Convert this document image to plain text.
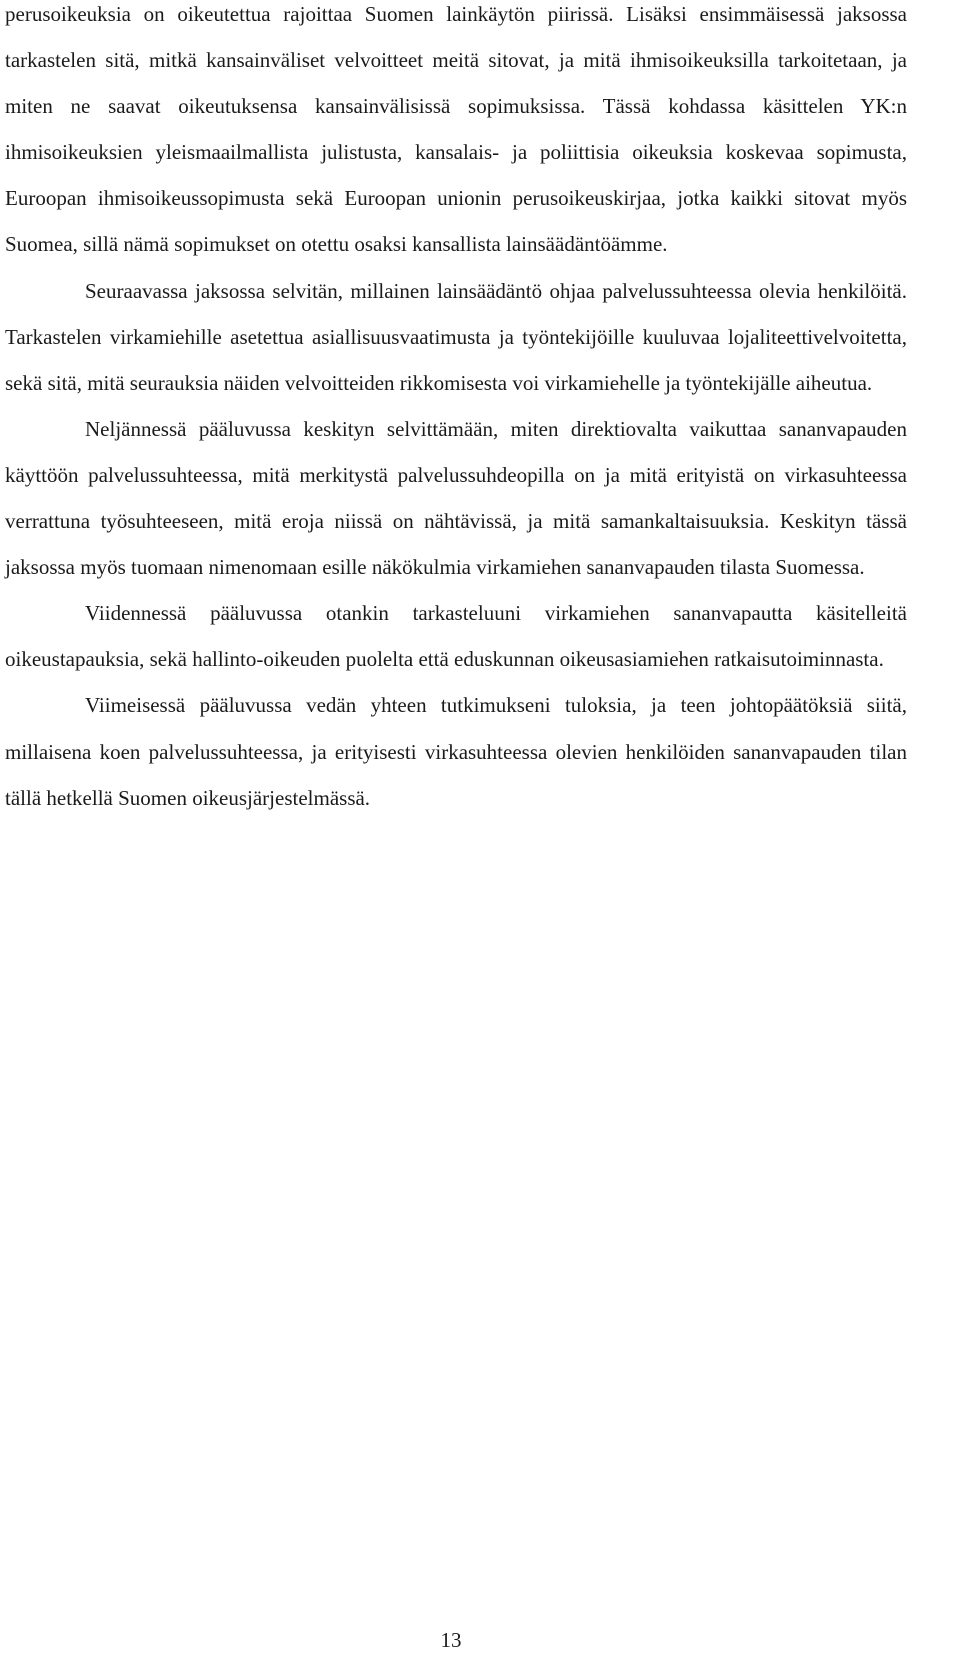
perusoikeuksia on oikeutettua rajoittaa Suomen lainkäytön piirissä. Lisäksi ensimmäisessä jaksossa tarkastelen sitä, mitkä kansainväliset velvoitteet meitä sitovat, ja mitä ihmisoikeuksilla tarkoitetaan, ja miten ne saavat oikeutuksensa kansainvälisissä sopimuksissa. Tässä kohdassa käsittelen YK:n ihmisoikeuksien yleismaailmallista julistusta, kansalais- ja poliittisia oikeuksia koskevaa sopimusta, Euroopan ihmisoikeussopimusta sekä Euroopan unionin perusoikeuskirjaa, jotka kaikki sitovat myös Suomea, sillä nämä sopimukset on otettu osaksi kansallista lainsäädäntöämme.

Seuraavassa jaksossa selvitän, millainen lainsäädäntö ohjaa palvelussuhteessa olevia henkilöitä. Tarkastelen virkamiehille asetettua asiallisuusvaatimusta ja työntekijöille kuuluvaa lojaliteettivelvoitetta, sekä sitä, mitä seurauksia näiden velvoitteiden rikkomisesta voi virkamiehelle ja työntekijälle aiheutua.

Neljännessä pääluvussa keskityn selvittämään, miten direktiovalta vaikuttaa sananvapauden käyttöön palvelussuhteessa, mitä merkitystä palvelussuhdeopilla on ja mitä erityistä on virkasuhteessa verrattuna työsuhteeseen, mitä eroja niissä on nähtävissä, ja mitä samankaltaisuuksia. Keskityn tässä jaksossa myös tuomaan nimenomaan esille näkökulmia virkamiehen sananvapauden tilasta Suomessa.

Viidennessä pääluvussa otankin tarkasteluuni virkamiehen sananvapautta käsitelleitä oikeustapauksia, sekä hallinto-oikeuden puolelta että eduskunnan oikeusasiamiehen ratkaisutoiminnasta.

Viimeisessä pääluvussa vedän yhteen tutkimukseni tuloksia, ja teen johtopäätöksiä siitä, millaisena koen palvelussuhteessa, ja erityisesti virkasuhteessa olevien henkilöiden sananvapauden tilan tällä hetkellä Suomen oikeusjärjestelmässä.

13
